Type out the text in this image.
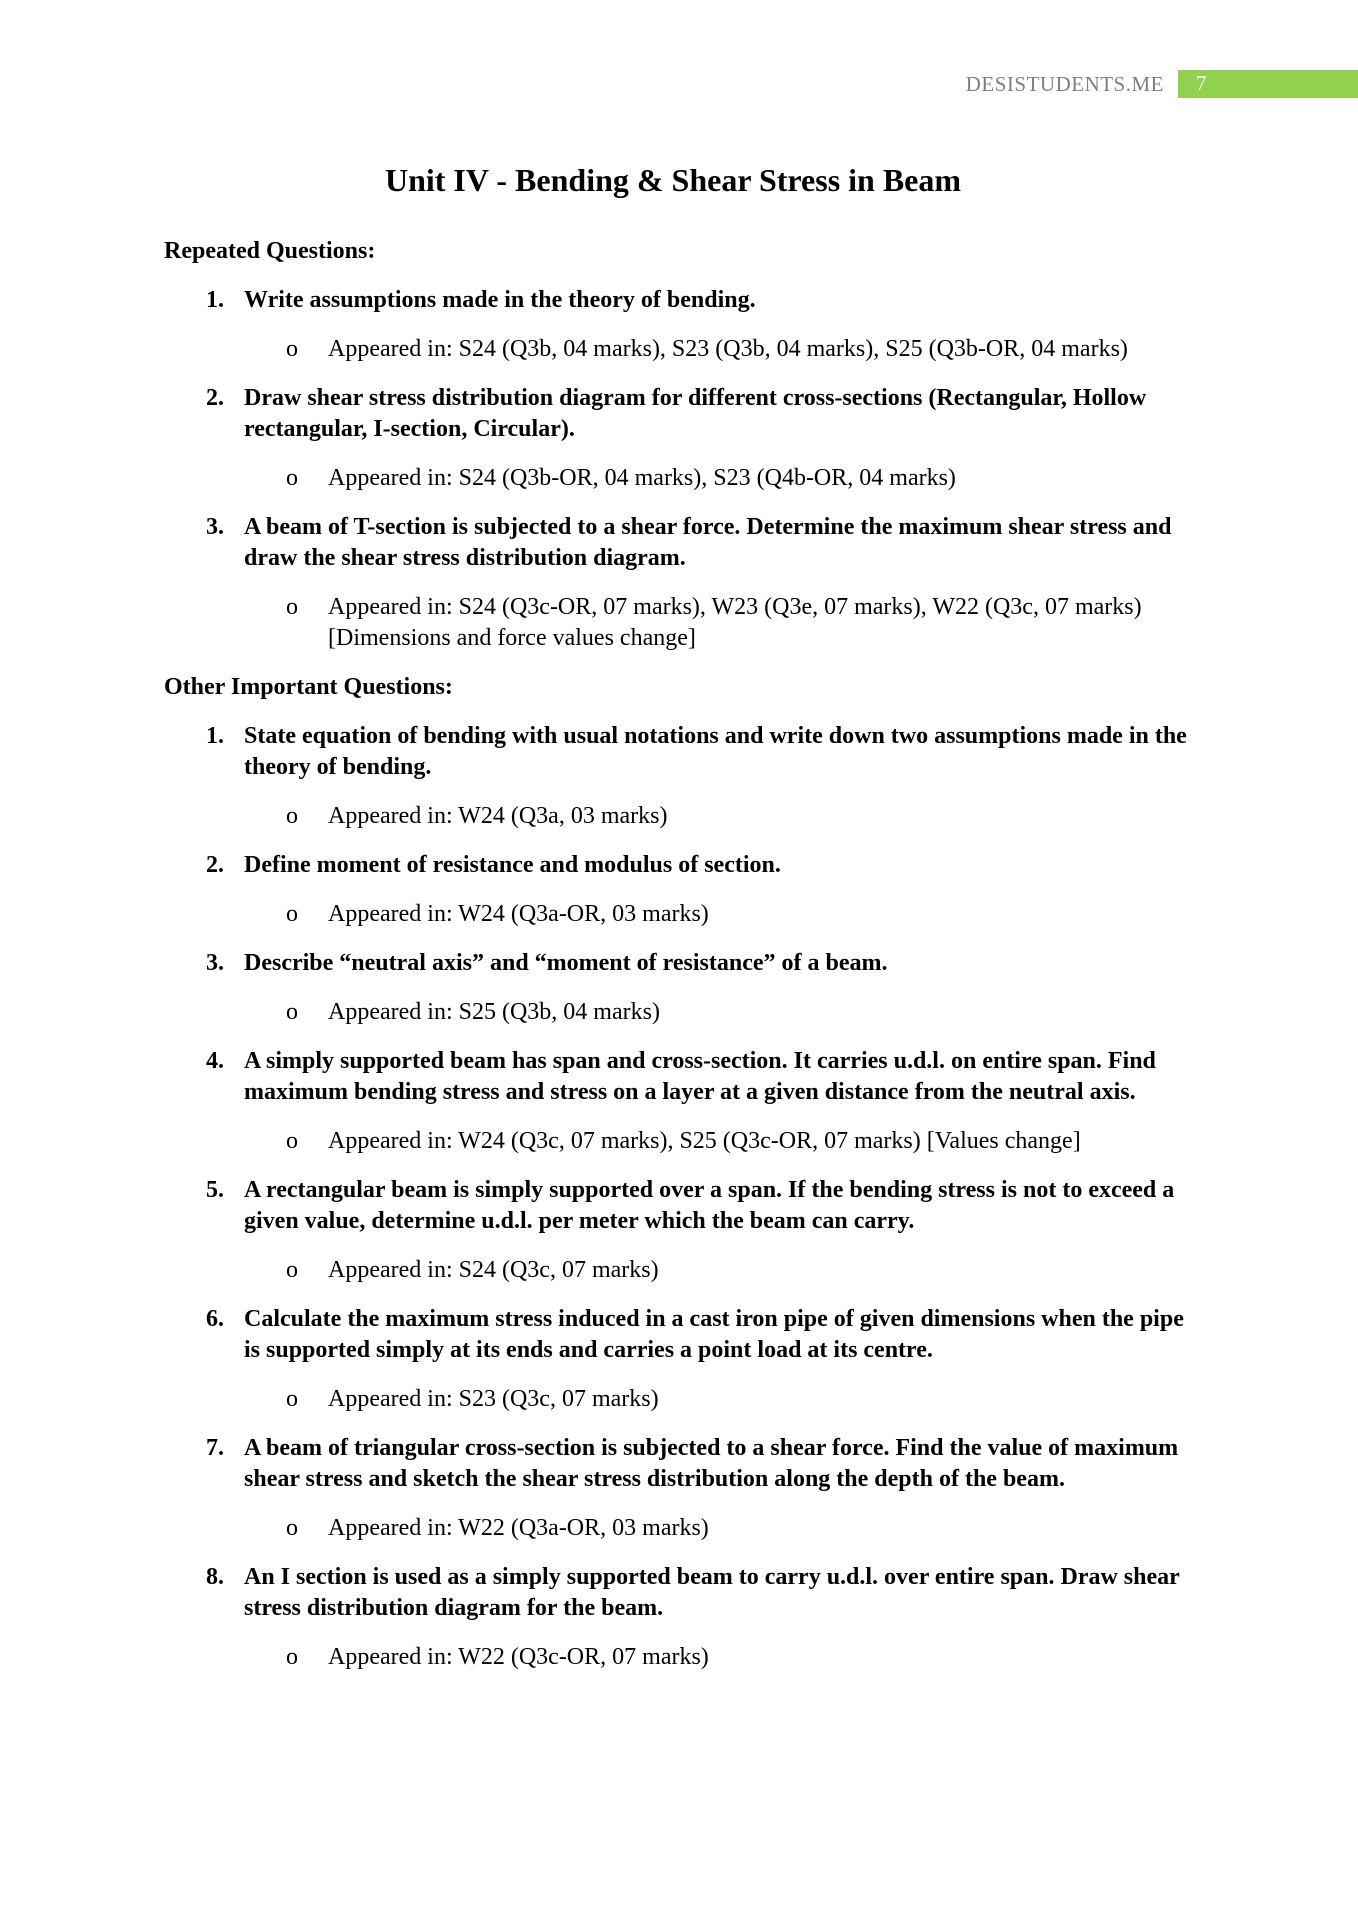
DESISTUDENTS.ME	7
Unit IV - Bending & Shear Stress in Beam
Repeated Questions:
1. Write assumptions made in the theory of bending.
o	Appeared in: S24 (Q3b, 04 marks), S23 (Q3b, 04 marks), S25 (Q3b-OR, 04 marks)
2. Draw shear stress distribution diagram for different cross-sections (Rectangular, Hollow rectangular, I-section, Circular).
o	Appeared in: S24 (Q3b-OR, 04 marks), S23 (Q4b-OR, 04 marks)
3. A beam of T-section is subjected to a shear force. Determine the maximum shear stress and draw the shear stress distribution diagram.
o	Appeared in: S24 (Q3c-OR, 07 marks), W23 (Q3e, 07 marks), W22 (Q3c, 07 marks) [Dimensions and force values change]
Other Important Questions:
1. State equation of bending with usual notations and write down two assumptions made in the theory of bending.
o	Appeared in: W24 (Q3a, 03 marks)
2. Define moment of resistance and modulus of section.
o	Appeared in: W24 (Q3a-OR, 03 marks)
3. Describe “neutral axis” and “moment of resistance” of a beam.
o	Appeared in: S25 (Q3b, 04 marks)
4. A simply supported beam has span and cross-section. It carries u.d.l. on entire span. Find maximum bending stress and stress on a layer at a given distance from the neutral axis.
o	Appeared in: W24 (Q3c, 07 marks), S25 (Q3c-OR, 07 marks) [Values change]
5. A rectangular beam is simply supported over a span. If the bending stress is not to exceed a given value, determine u.d.l. per meter which the beam can carry.
o	Appeared in: S24 (Q3c, 07 marks)
6. Calculate the maximum stress induced in a cast iron pipe of given dimensions when the pipe is supported simply at its ends and carries a point load at its centre.
o	Appeared in: S23 (Q3c, 07 marks)
7. A beam of triangular cross-section is subjected to a shear force. Find the value of maximum shear stress and sketch the shear stress distribution along the depth of the beam.
o	Appeared in: W22 (Q3a-OR, 03 marks)
8. An I section is used as a simply supported beam to carry u.d.l. over entire span. Draw shear stress distribution diagram for the beam.
o	Appeared in: W22 (Q3c-OR, 07 marks)
